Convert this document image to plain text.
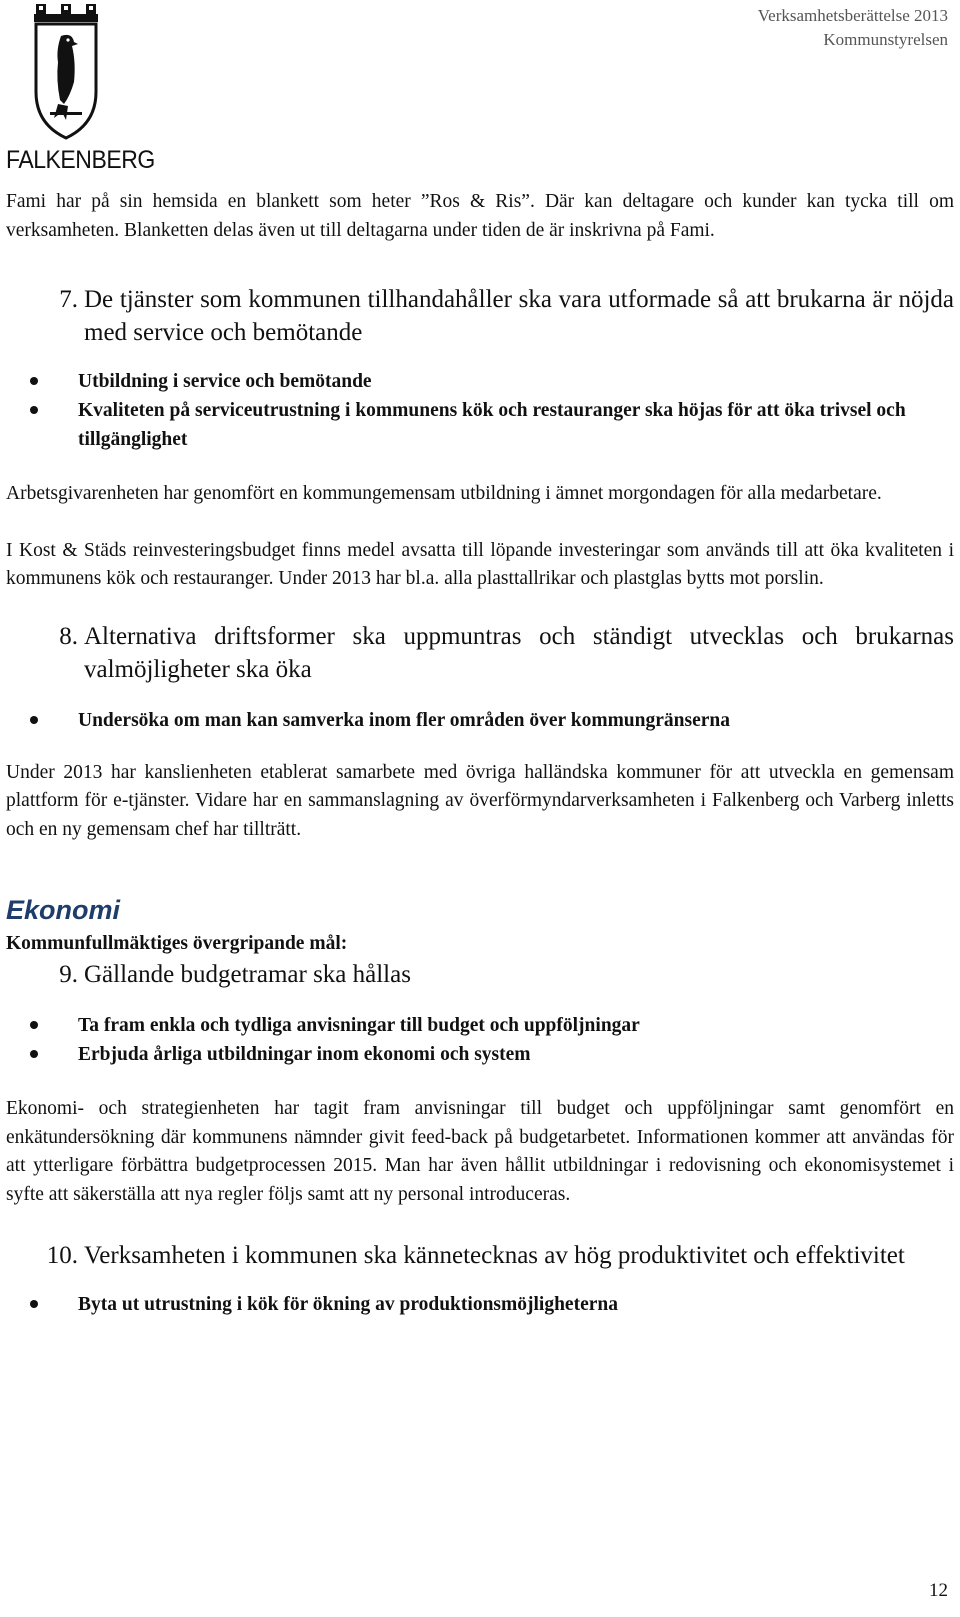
Verksamhetsberättelse 2013
Kommunstyrelsen
FALKENBERG

Fami har på sin hemsida en blankett som heter ”Ros & Ris”. Där kan deltagare och kunder kan tycka till om verksamheten. Blanketten delas även ut till deltagarna under tiden de är inskrivna på Fami.

7. De tjänster som kommunen tillhandahåller ska vara utformade så att brukarna är nöjda med service och bemötande
Utbildning i service och bemötande
Kvaliteten på serviceutrustning i kommunens kök och restauranger ska höjas för att öka trivsel och tillgänglighet

Arbetsgivarenheten har genomfört en kommungemensam utbildning i ämnet morgondagen för alla medarbetare.

I Kost & Städs reinvesteringsbudget finns medel avsatta till löpande investeringar som används till att öka kvaliteten i kommunens kök och restauranger. Under 2013 har bl.a. alla plasttallrikar och plastglas bytts mot porslin.

8. Alternativa driftsformer ska uppmuntras och ständigt utvecklas och brukarnas valmöjligheter ska öka
Undersöka om man kan samverka inom fler områden över kommungränserna

Under 2013 har kanslienheten etablerat samarbete med övriga halländska kommuner för att utveckla en gemensam plattform för e-tjänster. Vidare har en sammanslagning av överförmyndarverksamheten i Falkenberg och Varberg inletts och en ny gemensam chef har tillträtt.

Ekonomi
Kommunfullmäktiges övergripande mål:
9. Gällande budgetramar ska hållas
Ta fram enkla och tydliga anvisningar till budget och uppföljningar
Erbjuda årliga utbildningar inom ekonomi och system

Ekonomi- och strategienheten har tagit fram anvisningar till budget och uppföljningar samt genomfört en enkätundersökning där kommunens nämnder givit feed-back på budgetarbetet. Informationen kommer att användas för att ytterligare förbättra budgetprocessen 2015. Man har även hållit utbildningar i redovisning och ekonomisystemet i syfte att säkerställa att nya regler följs samt att ny personal introduceras.

10. Verksamheten i kommunen ska kännetecknas av hög produktivitet och effektivitet
Byta ut utrustning i kök för ökning av produktionsmöjligheterna
12
